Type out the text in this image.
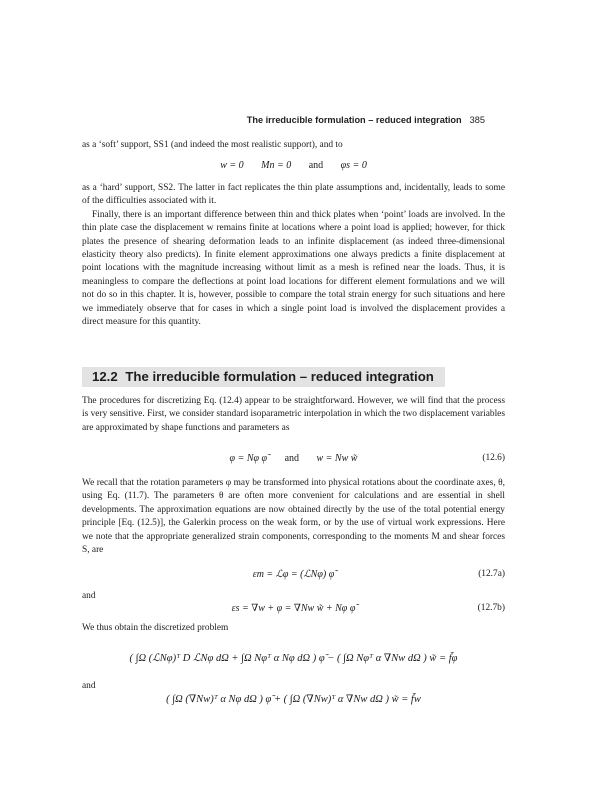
The irreducible formulation – reduced integration 385

as a ‘soft’ support, SS1 (and indeed the most realistic support), and to

w = 0 Mn = 0 and φs = 0

as a ‘hard’ support, SS2. The latter in fact replicates the thin plate assumptions and, incidentally, leads to some of the difficulties associated with it.

Finally, there is an important difference between thin and thick plates when ‘point’ loads are involved. In the thin plate case the displacement w remains finite at locations where a point load is applied; however, for thick plates the presence of shearing deformation leads to an infinite displacement (as indeed three-dimensional elasticity theory also predicts). In finite element approximations one always predicts a finite displacement at point locations with the magnitude increasing without limit as a mesh is refined near the loads. Thus, it is meaningless to compare the deflections at point load locations for different element formulations and we will not do so in this chapter. It is, however, possible to compare the total strain energy for such situations and here we immediately observe that for cases in which a single point load is involved the displacement provides a direct measure for this quantity.

12.2 The irreducible formulation – reduced integration

The procedures for discretizing Eq. (12.4) appear to be straightforward. However, we will find that the process is very sensitive. First, we consider standard isoparametric interpolation in which the two displacement variables are approximated by shape functions and parameters as

φ = Nφ φ̃ and w = Nw w̃	(12.6)

We recall that the rotation parameters φ may be transformed into physical rotations about the coordinate axes, θ, using Eq. (11.7). The parameters θ are often more convenient for calculations and are essential in shell developments. The approximation equations are now obtained directly by the use of the total potential energy principle [Eq. (12.5)], the Galerkin process on the weak form, or by the use of virtual work expressions. Here we note that the appropriate generalized strain components, corresponding to the moments M and shear forces S, are

εm = ℒφ = (ℒNφ) φ̃	(12.7a)

and

εs = ∇w + φ = ∇Nw w̃ + Nφ φ̃	(12.7b)

We thus obtain the discretized problem

( ∫Ω (ℒNφ)ᵀ D ℒNφ dΩ + ∫Ω Nφᵀ α Nφ dΩ ) φ̃ − ( ∫Ω Nφᵀ α ∇Nw dΩ ) w̃ = f̃φ

and

( ∫Ω (∇Nw)ᵀ α Nφ dΩ ) φ̃ + ( ∫Ω (∇Nw)ᵀ α ∇Nw dΩ ) w̃ = f̃w
